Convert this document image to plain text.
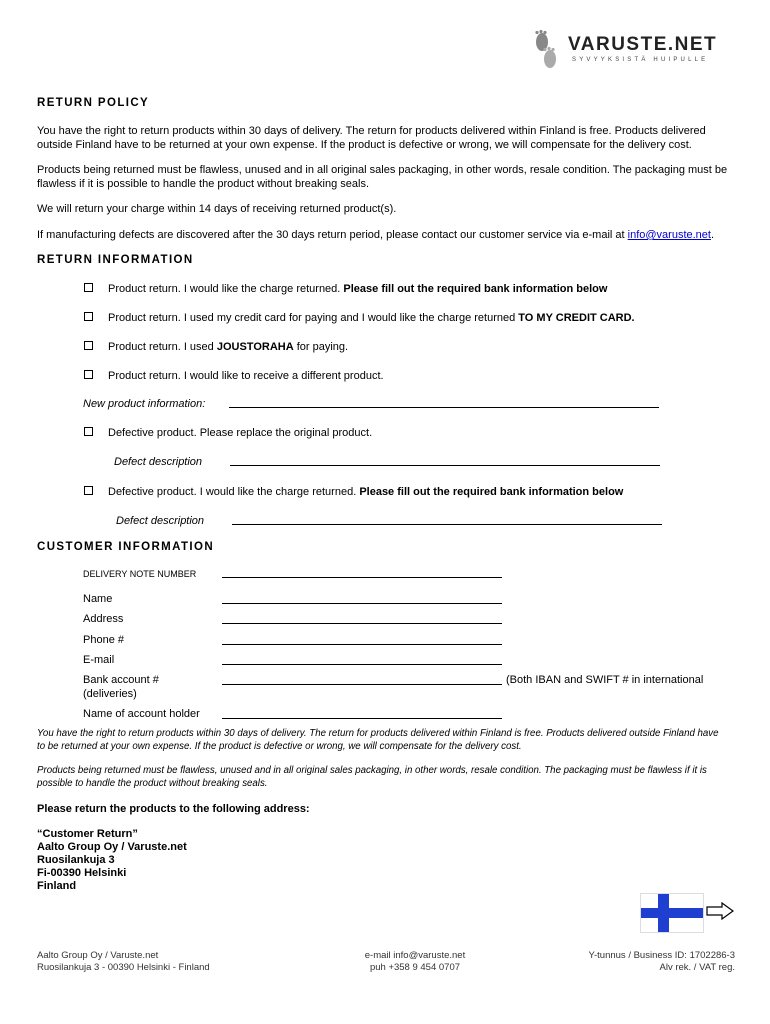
VARUSTE.NET
SYVYYKSISTÄ HUIPULLE
RETURN POLICY
You have the right to return products within 30 days of delivery. The return for products delivered within Finland is free. Products delivered
outside Finland have to be returned at your own expense. If the product is defective or wrong, we will compensate for the delivery cost.
Products being returned must be flawless, unused and in all original sales packaging, in other words, resale condition. The packaging must be
flawless if it is possible to handle the product without breaking seals.
We will return your charge within 14 days of receiving returned product(s).
If manufacturing defects are discovered after the 30 days return period, please contact our customer service via e-mail at info@varuste.net.
RETURN INFORMATION
Product return. I would like the charge returned. Please fill out the required bank information below
Product return. I used my credit card for paying and I would like the charge returned TO MY CREDIT CARD.
Product return. I used JOUSTORAHA for paying.
Product return. I would like to receive a different product.
New product information:
Defective product. Please replace the original product.
Defect description
Defective product. I would like the charge returned. Please fill out the required bank information below
Defect description
CUSTOMER INFORMATION
DELIVERY NOTE NUMBER
Name
Address
Phone #
E-mail
Bank account #
(deliveries)
(Both IBAN and SWIFT # in international
Name of account holder
You have the right to return products within 30 days of delivery. The return for products delivered within Finland is free. Products delivered outside Finland have
to be returned at your own expense. If the product is defective or wrong, we will compensate for the delivery cost.
Products being returned must be flawless, unused and in all original sales packaging, in other words, resale condition. The packaging must be flawless if it is
possible to handle the product without breaking seals.
Please return the products to the following address:
“Customer Return”
Aalto Group Oy / Varuste.net
Ruosilankuja 3
Fi-00390 Helsinki
Finland
Aalto Group Oy / Varuste.net
Ruosilankuja 3 - 00390 Helsinki - Finland
e-mail info@varuste.net
puh +358 9 454 0707
Y-tunnus / Business ID: 1702286-3
Alv rek. / VAT reg.
